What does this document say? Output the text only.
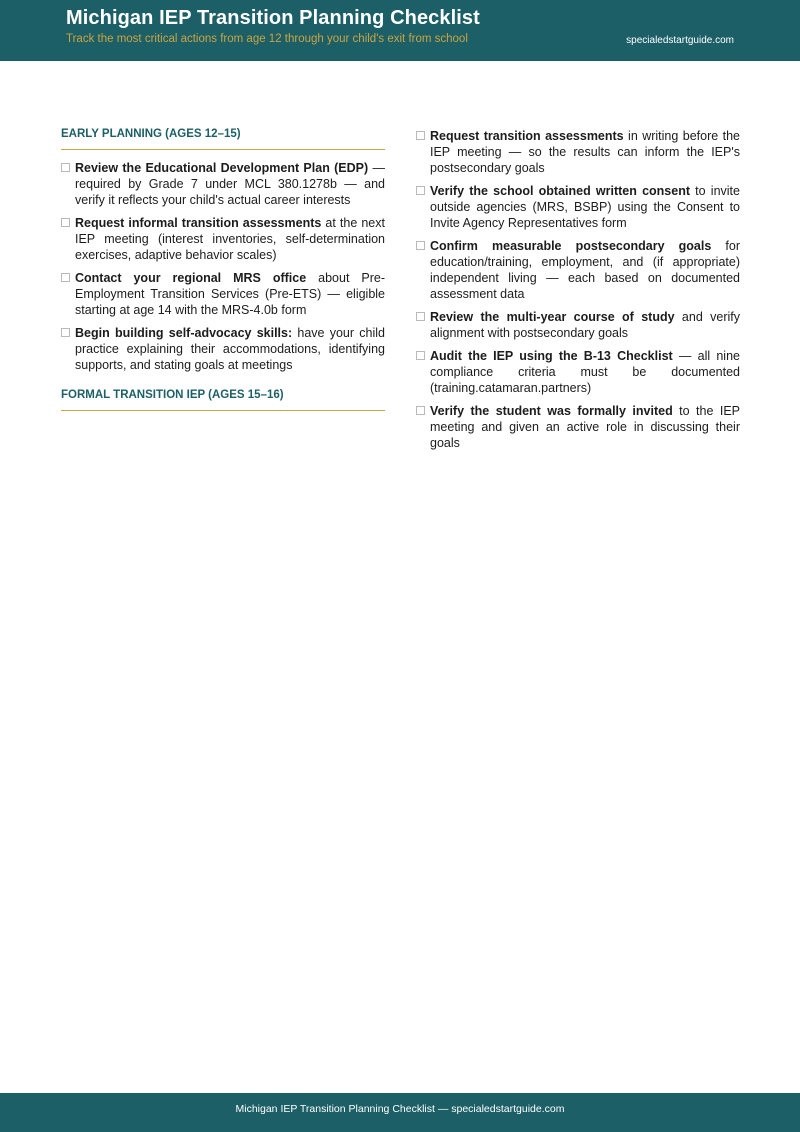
Michigan IEP Transition Planning Checklist
Track the most critical actions from age 12 through your child's exit from school	specialedstartguide.com
EARLY PLANNING (AGES 12–15)
Review the Educational Development Plan (EDP) — required by Grade 7 under MCL 380.1278b — and verify it reflects your child's actual career interests
Request informal transition assessments at the next IEP meeting (interest inventories, self-determination exercises, adaptive behavior scales)
Contact your regional MRS office about Pre-Employment Transition Services (Pre-ETS) — eligible starting at age 14 with the MRS-4.0b form
Begin building self-advocacy skills: have your child practice explaining their accommodations, identifying supports, and stating goals at meetings
FORMAL TRANSITION IEP (AGES 15–16)
Request transition assessments in writing before the IEP meeting — so the results can inform the IEP's postsecondary goals
Verify the school obtained written consent to invite outside agencies (MRS, BSBP) using the Consent to Invite Agency Representatives form
Confirm measurable postsecondary goals for education/training, employment, and (if appropriate) independent living — each based on documented assessment data
Review the multi-year course of study and verify alignment with postsecondary goals
Audit the IEP using the B-13 Checklist — all nine compliance criteria must be documented (training.catamaran.partners)
Verify the student was formally invited to the IEP meeting and given an active role in discussing their goals
Michigan IEP Transition Planning Checklist — specialedstartguide.com
